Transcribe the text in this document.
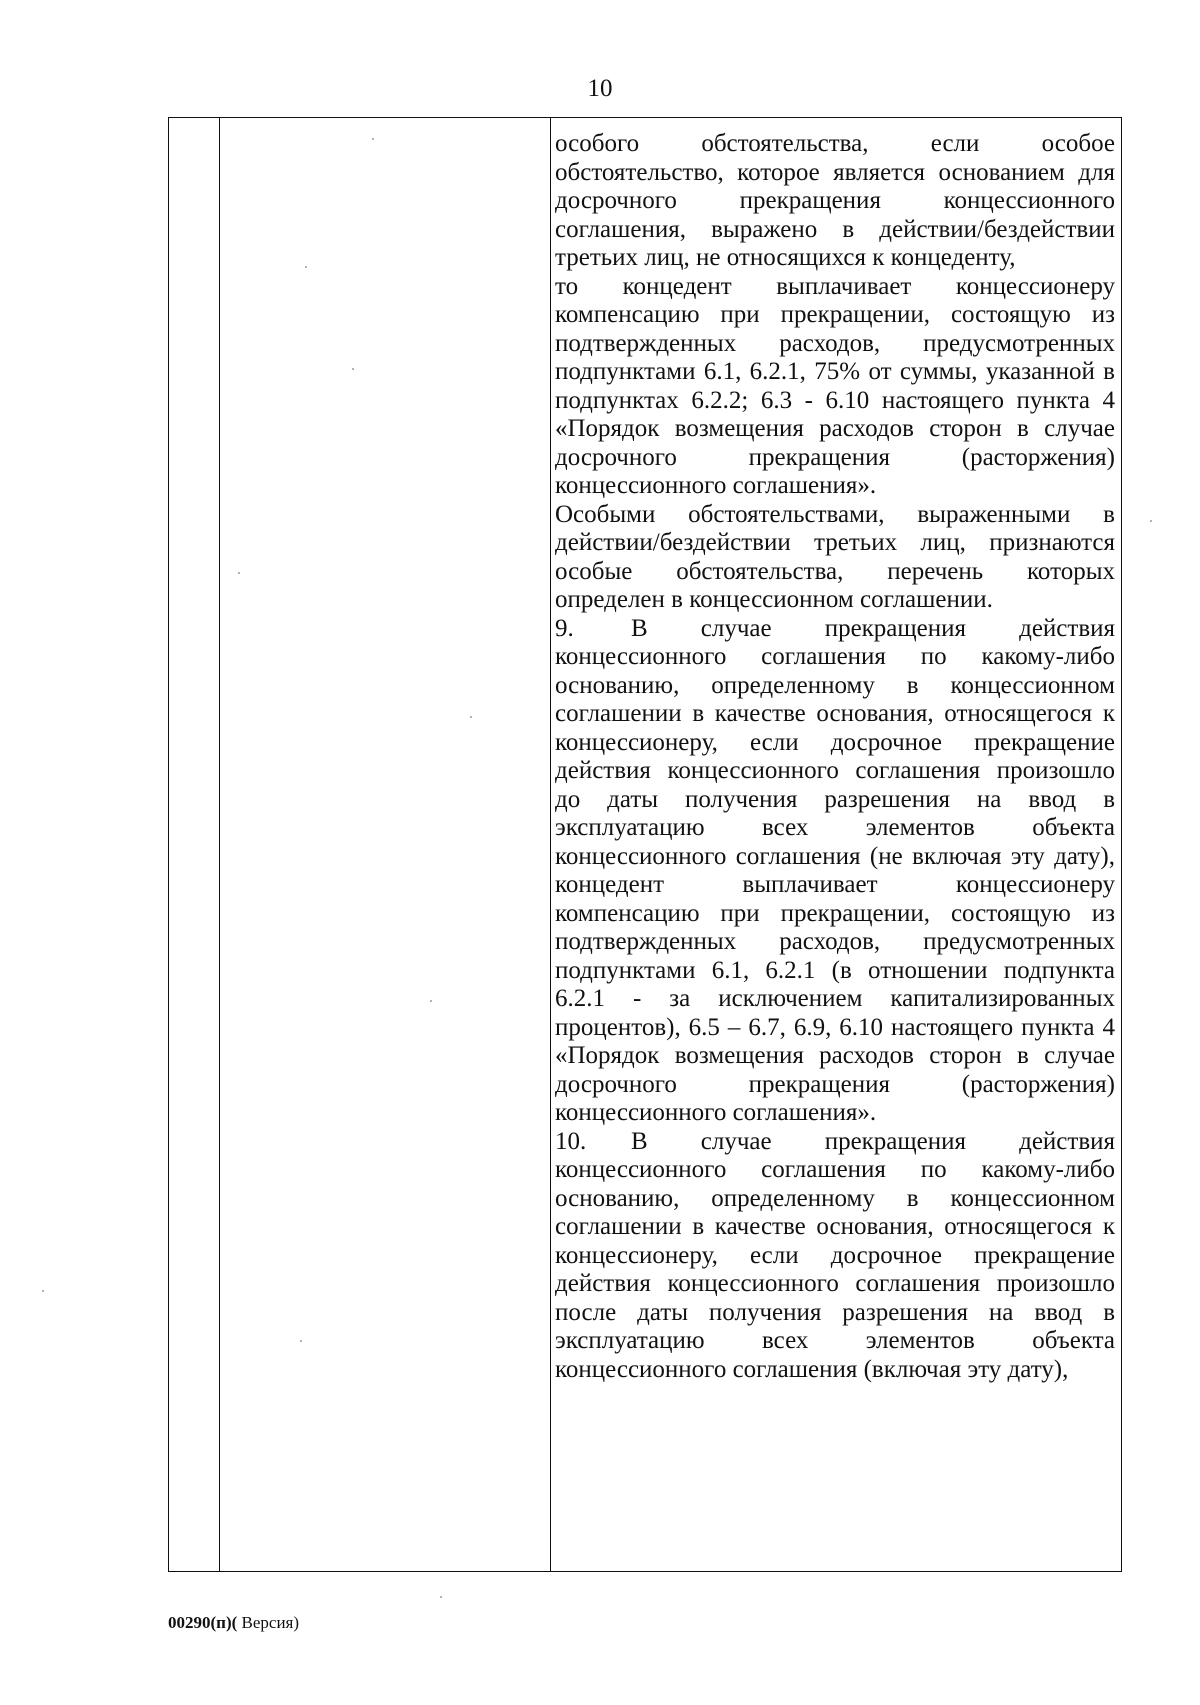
10

особого обстоятельства, если особое обстоятельство, которое является основанием для досрочного прекращения концессионного соглашения, выражено в действии/бездействии третьих лиц, не относящихся к концеденту,

то концедент выплачивает концессионеру компенсацию при прекращении, состоящую из подтвержденных расходов, предусмотренных подпунктами 6.1, 6.2.1, 75% от суммы, указанной в подпунктах 6.2.2; 6.3 - 6.10 настоящего пункта 4 «Порядок возмещения расходов сторон в случае досрочного прекращения (расторжения) концессионного соглашения».

Особыми обстоятельствами, выраженными в действии/бездействии третьих лиц, признаются особые обстоятельства, перечень которых определен в концессионном соглашении.

9. В случае прекращения действия концессионного соглашения по какому-либо основанию, определенному в концессионном соглашении в качестве основания, относящегося к концессионеру, если досрочное прекращение действия концессионного соглашения произошло до даты получения разрешения на ввод в эксплуатацию всех элементов объекта концессионного соглашения (не включая эту дату), концедент выплачивает концессионеру компенсацию при прекращении, состоящую из подтвержденных расходов, предусмотренных подпунктами 6.1, 6.2.1 (в отношении подпункта 6.2.1 - за исключением капитализированных процентов), 6.5 – 6.7, 6.9, 6.10 настоящего пункта 4 «Порядок возмещения расходов сторон в случае досрочного прекращения (расторжения) концессионного соглашения».

10. В случае прекращения действия концессионного соглашения по какому-либо основанию, определенному в концессионном соглашении в качестве основания, относящегося к концессионеру, если досрочное прекращение действия концессионного соглашения произошло после даты получения разрешения на ввод в эксплуатацию всех элементов объекта концессионного соглашения (включая эту дату),

00290(п)( Версия)
